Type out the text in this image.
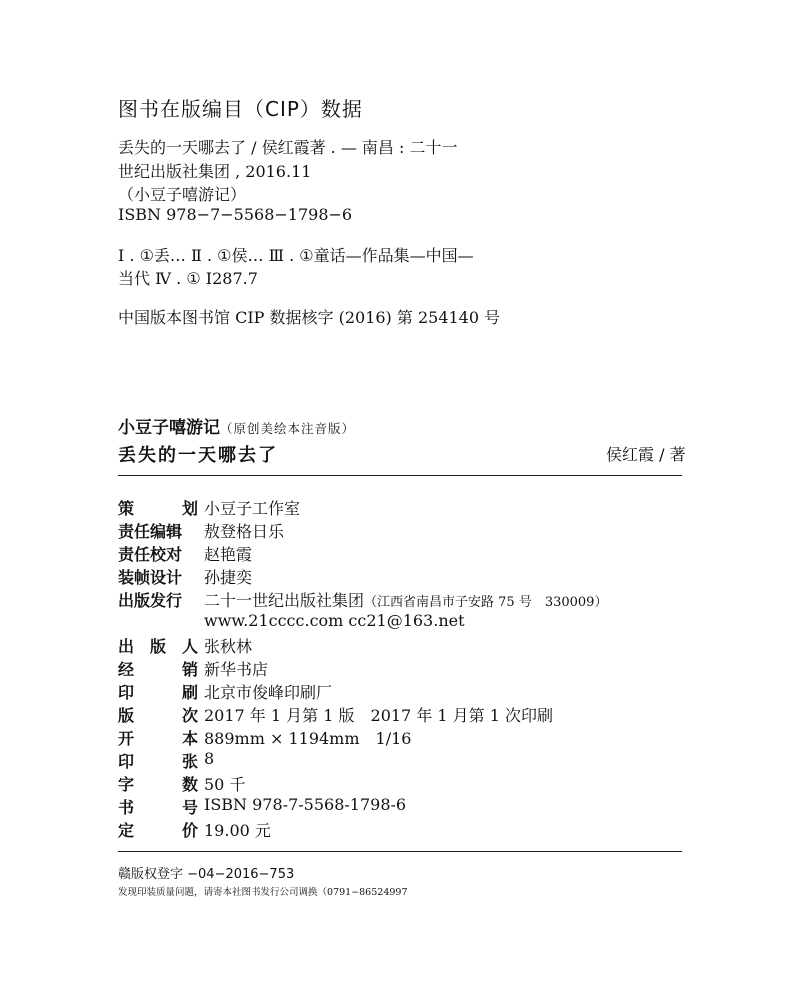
图书在版编目（CIP）数据
丢失的一天哪去了 / 侯红霞著 . — 南昌 : 二十一
世纪出版社集团 , 2016.11
（小豆子嘻游记）
ISBN 978−7−5568−1798−6
Ⅰ . ①丢… Ⅱ . ①侯… Ⅲ . ①童话—作品集—中国—
当代 Ⅳ . ① I287.7
中国版本图书馆 CIP 数据核字 (2016) 第 254140 号
小豆子嘻游记（原创美绘本注音版）
丢失的一天哪去了	侯红霞 / 著
策	划 小豆子工作室
责任编辑	敖登格日乐
责任校对	赵艳霞
装帧设计	孙捷奕
出版发行	二十一世纪出版社集团（江西省南昌市子安路 75 号　330009）
www.21cccc.com cc21@163.net
出 版 人 张秋林
经	销 新华书店
印	刷 北京市俊峰印刷厂
版	次 2017 年 1 月第 1 版　2017 年 1 月第 1 次印刷
开	本 889mm × 1194mm　1/16
印	张 8
字	数 50 千
书	号 ISBN 978-7-5568-1798-6
定	价 19.00 元
赣版权登字 −04−2016−753
发现印装质量问题，请寄本社图书发行公司调换（0791−86524997
